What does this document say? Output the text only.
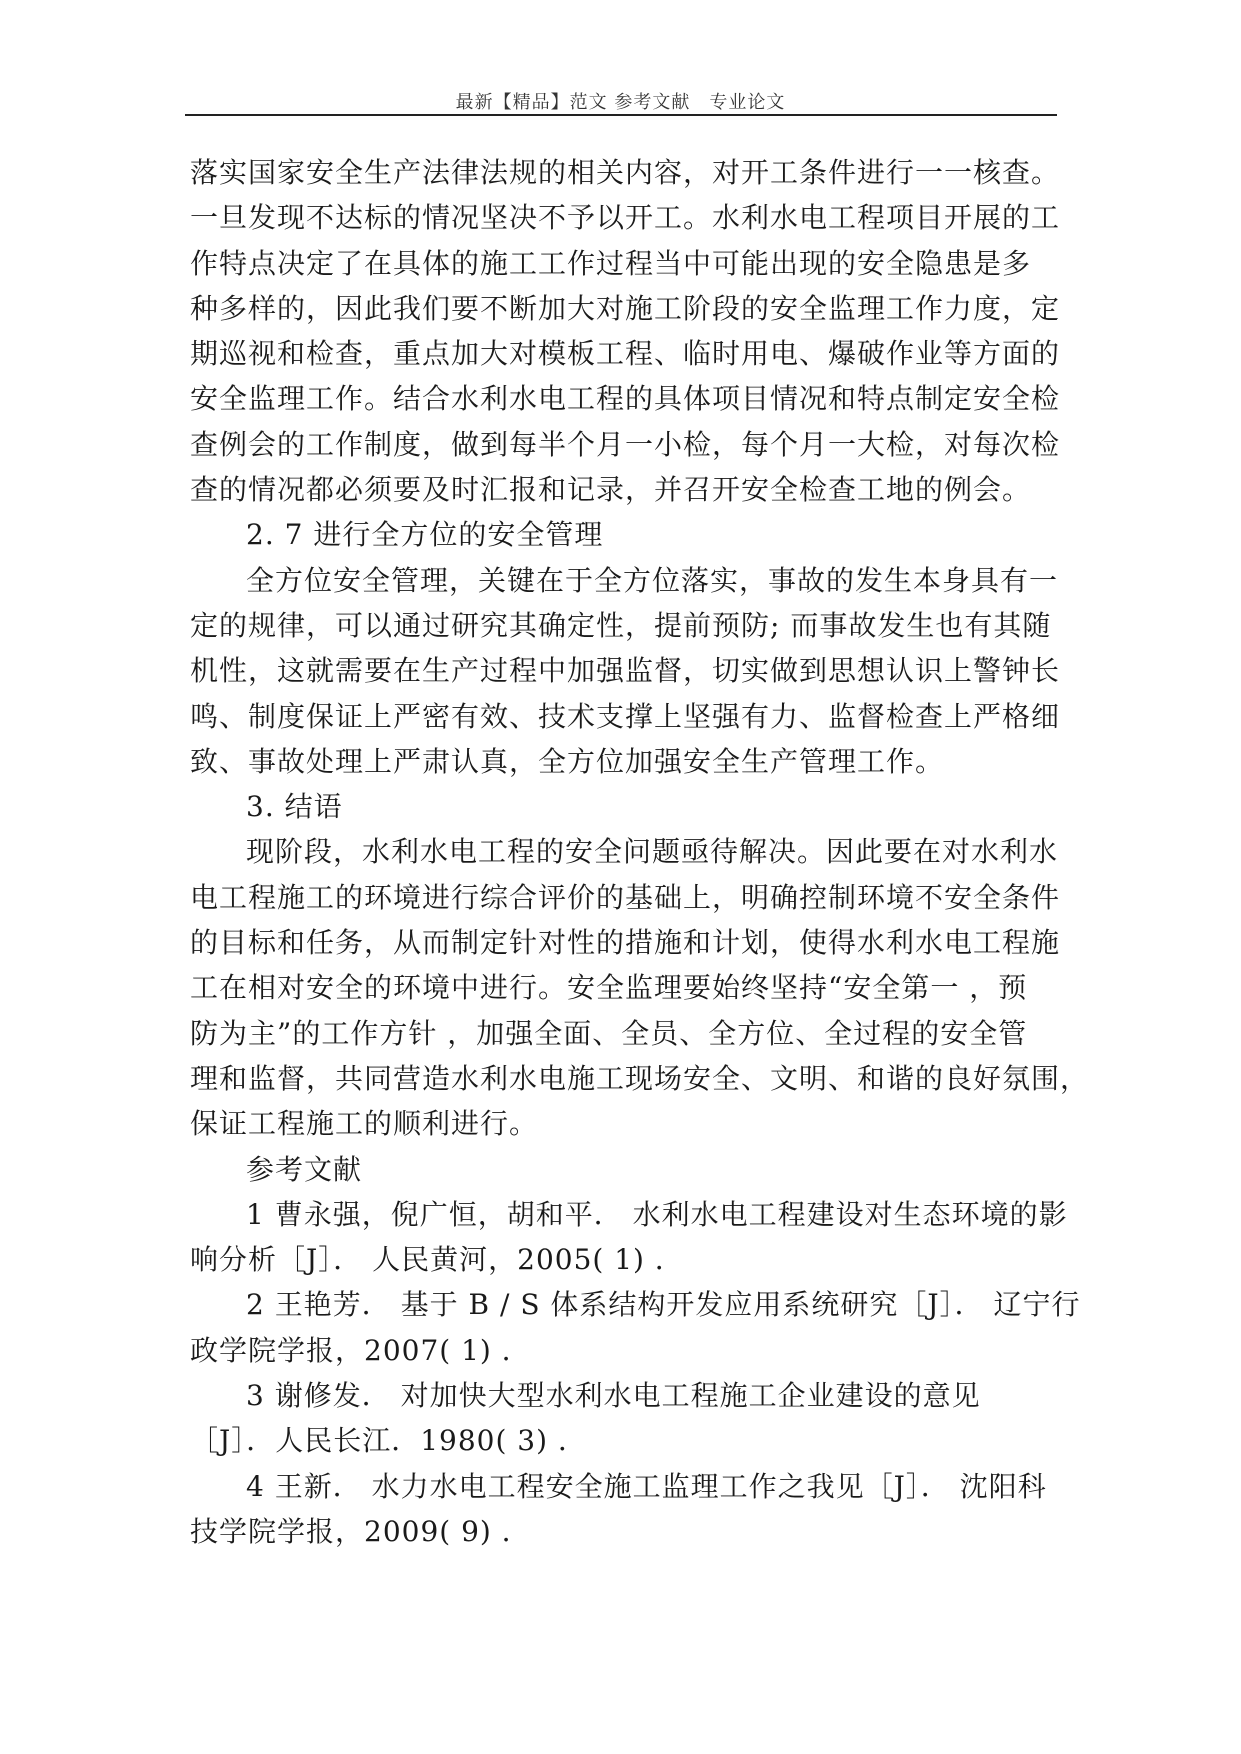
最新【精品】范文 参考文献　专业论文
落实国家安全生产法律法规的相关内容，对开工条件进行一一核查。
一旦发现不达标的情况坚决不予以开工。水利水电工程项目开展的工
作特点决定了在具体的施工工作过程当中可能出现的安全隐患是多
种多样的，因此我们要不断加大对施工阶段的安全监理工作力度，定
期巡视和检查，重点加大对模板工程、临时用电、爆破作业等方面的
安全监理工作。结合水利水电工程的具体项目情况和特点制定安全检
查例会的工作制度，做到每半个月一小检，每个月一大检，对每次检
查的情况都必须要及时汇报和记录，并召开安全检查工地的例会。
2. 7 进行全方位的安全管理
全方位安全管理，关键在于全方位落实，事故的发生本身具有一
定的规律，可以通过研究其确定性，提前预防; 而事故发生也有其随
机性，这就需要在生产过程中加强监督，切实做到思想认识上警钟长
鸣、制度保证上严密有效、技术支撑上坚强有力、监督检查上严格细
致、事故处理上严肃认真，全方位加强安全生产管理工作。
3. 结语
现阶段，水利水电工程的安全问题亟待解决。因此要在对水利水
电工程施工的环境进行综合评价的基础上，明确控制环境不安全条件
的目标和任务，从而制定针对性的措施和计划，使得水利水电工程施
工在相对安全的环境中进行。安全监理要始终坚持“安全第一 ，预
防为主”的工作方针 ，加强全面、全员、全方位、全过程的安全管
理和监督，共同营造水利水电施工现场安全、文明、和谐的良好氛围，
保证工程施工的顺利进行。
参考文献
1 曹永强，倪广恒，胡和平． 水利水电工程建设对生态环境的影
响分析［J］． 人民黄河，2005( 1) ．
2 王艳芳． 基于 B / S 体系结构开发应用系统研究［J］． 辽宁行
政学院学报，2007( 1) ．
3 谢修发． 对加快大型水利水电工程施工企业建设的意见
［J］．人民长江．1980( 3) ．
4 王新． 水力水电工程安全施工监理工作之我见［J］． 沈阳科
技学院学报，2009( 9) ．
